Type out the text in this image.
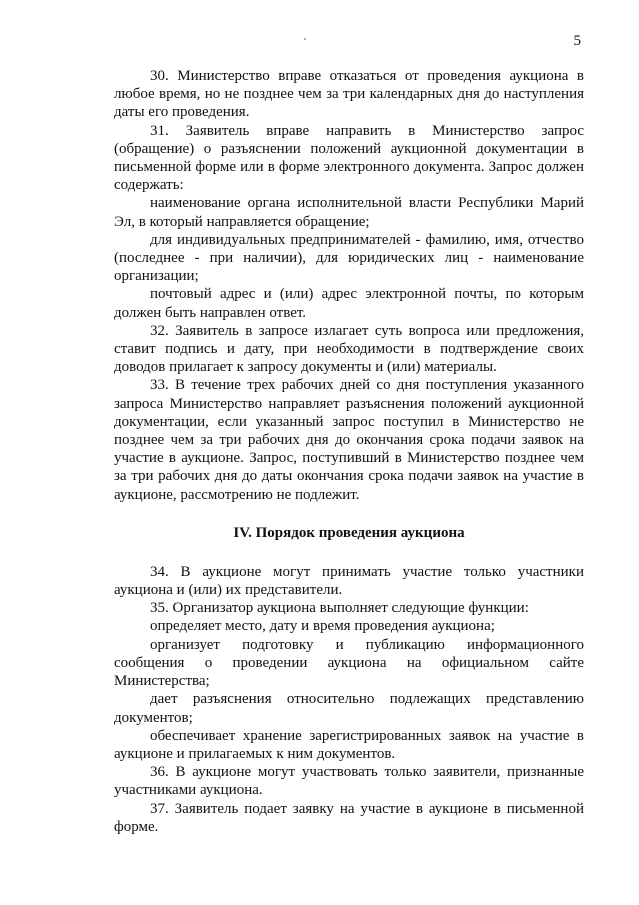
5

30. Министерство вправе отказаться от проведения аукциона в любое время, но не позднее чем за три календарных дня до наступления даты его проведения.

31. Заявитель вправе направить в Министерство запрос (обращение) о разъяснении положений аукционной документации в письменной форме или в форме электронного документа. Запрос должен содержать:

наименование органа исполнительной власти Республики Марий Эл, в который направляется обращение;

для индивидуальных предпринимателей - фамилию, имя, отчество (последнее - при наличии), для юридических лиц - наименование организации;

почтовый адрес и (или) адрес электронной почты, по которым должен быть направлен ответ.

32. Заявитель в запросе излагает суть вопроса или предложения, ставит подпись и дату, при необходимости в подтверждение своих доводов прилагает к запросу документы и (или) материалы.

33. В течение трех рабочих дней со дня поступления указанного запроса Министерство направляет разъяснения положений аукционной документации, если указанный запрос поступил в Министерство не позднее чем за три рабочих дня до окончания срока подачи заявок на участие в аукционе. Запрос, поступивший в Министерство позднее чем за три рабочих дня до даты окончания срока подачи заявок на участие в аукционе, рассмотрению не подлежит.

IV. Порядок проведения аукциона

34. В аукционе могут принимать участие только участники аукциона и (или) их представители.

35. Организатор аукциона выполняет следующие функции:

определяет место, дату и время проведения аукциона;

организует подготовку и публикацию информационного сообщения о проведении аукциона на официальном сайте Министерства;

дает разъяснения относительно подлежащих представлению документов;

обеспечивает хранение зарегистрированных заявок на участие в аукционе и прилагаемых к ним документов.

36. В аукционе могут участвовать только заявители, признанные участниками аукциона.

37. Заявитель подает заявку на участие в аукционе в письменной форме.
